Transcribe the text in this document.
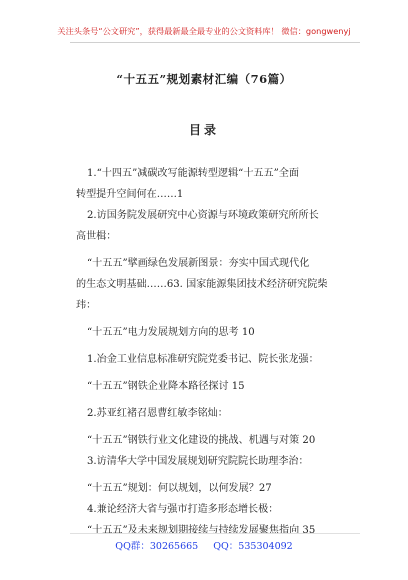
关注头条号“公文研究”，获得最新最全最专业的公文资料库！ 微信：gongwenyj
“十五五”规划素材汇编（76篇）
目录
1.“十四五”减碳改写能源转型逻辑“十五五”全面
转型提升空间何在……1
2.访国务院发展研究中心资源与环境政策研究所所长
高世楫：
“十五五”擘画绿色发展新图景：夯实中国式现代化
的生态文明基础……63. 国家能源集团技术经济研究院柴
玮：
“十五五”电力发展规划方向的思考 10
1.冶金工业信息标准研究院党委书记、院长张龙强：
“十五五”钢铁企业降本路径探讨 15
2.苏亚红褚召恩曹红敏李铭灿：
“十五五”钢铁行业文化建设的挑战、机遇与对策 20
3.访清华大学中国发展规划研究院院长助理李治：
“十五五”规划：何以规划，以何发展？27
4.兼论经济大省与强市打造多形态增长极：
“十五五”及未来规划期接续与持续发展聚焦指向 35
QQ群：30265665 QQ：535304092
